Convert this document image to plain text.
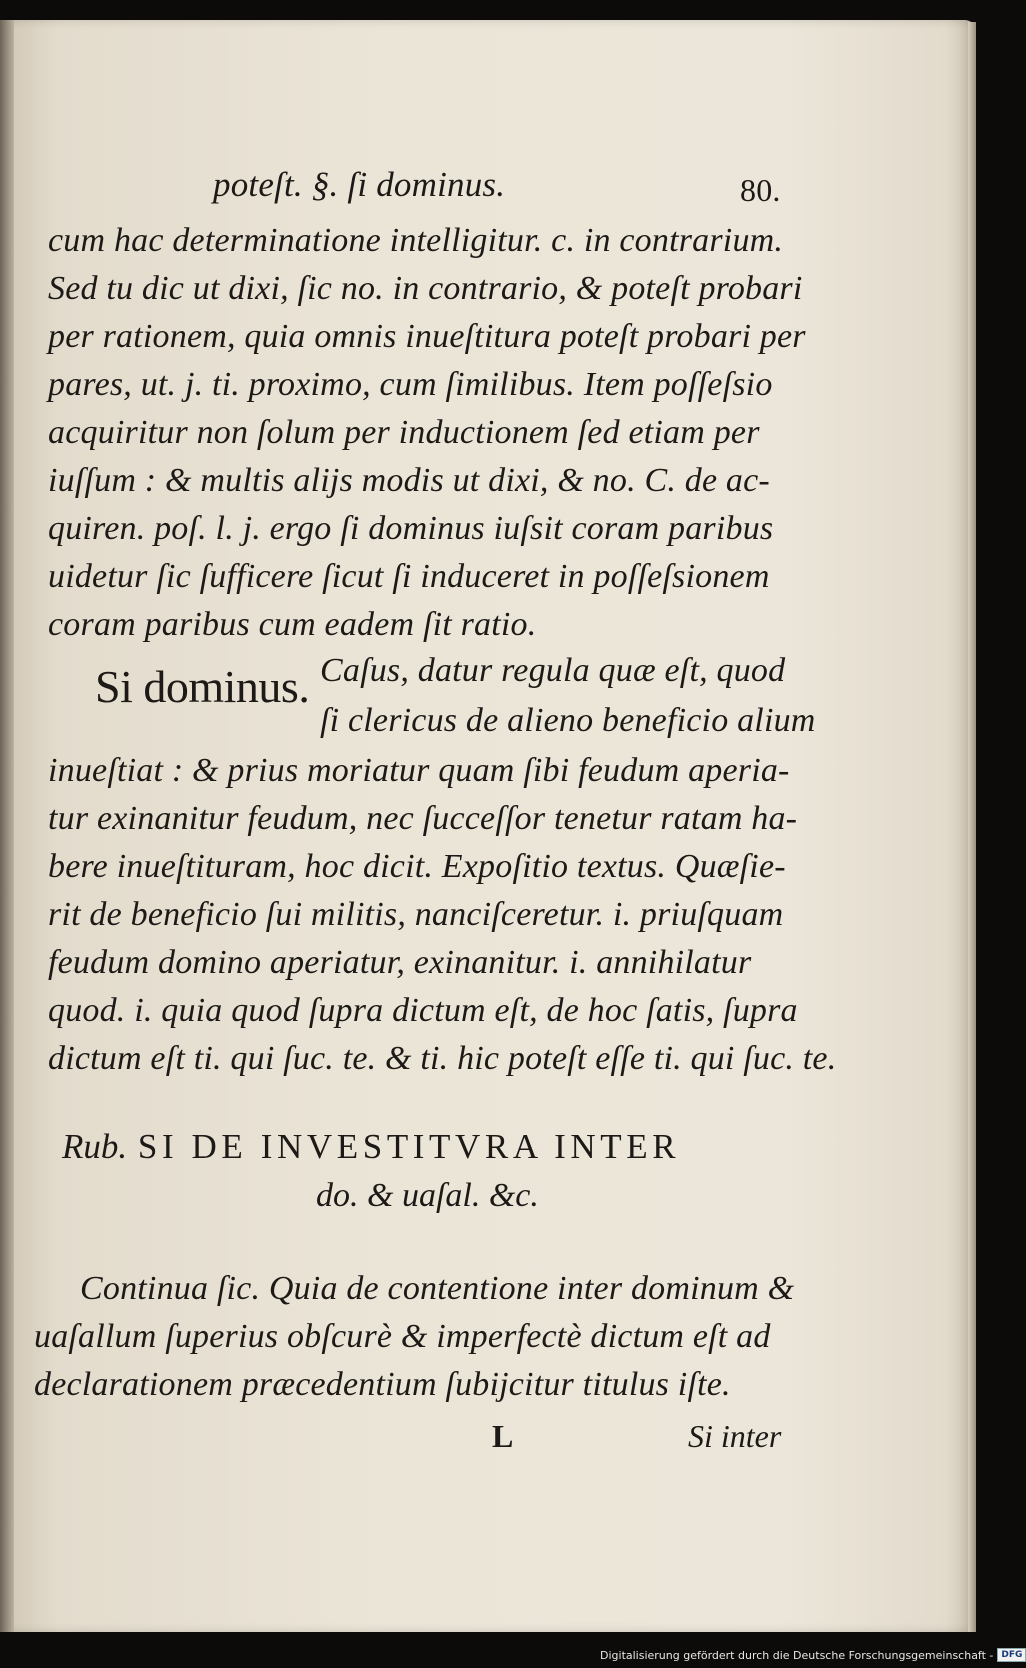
poteſt. §. ſi dominus.	80.
cum hac determinatione intelligitur. c. in contrarium.
Sed tu dic ut dixi, ſic no. in contrario, & poteſt probari
per rationem, quia omnis inueſtitura poteſt probari per
pares, ut. j. ti. proximo, cum ſimilibus. Item poſſeſsio
acquiritur non ſolum per inductionem ſed etiam per
iuſſum : & multis alijs modis ut dixi, & no. C. de ac-
quiren. poſ. l. j. ergo ſi dominus iuſsit coram paribus
uidetur ſic ſufficere ſicut ſi induceret in poſſeſsionem
coram paribus cum eadem ſit ratio.
Si dominus. Caſus, datur regula quæ eſt, quod
ſi clericus de alieno beneficio alium
inueſtiat : & prius moriatur quam ſibi feudum aperia-
tur exinanitur feudum, nec ſucceſſor tenetur ratam ha-
bere inueſtituram, hoc dicit. Expoſitio textus. Quæſie-
rit de beneficio ſui militis, nanciſceretur. i. priuſquam
feudum domino aperiatur, exinanitur. i. annihilatur
quod. i. quia quod ſupra dictum eſt, de hoc ſatis, ſupra
dictum eſt ti. qui ſuc. te. & ti. hic poteſt eſſe ti. qui ſuc. te.
Rub. SI DE INVESTITVRA INTER
do. & uaſal. &c.
Continua ſic. Quia de contentione inter dominum &
uaſallum ſuperius obſcurè & imperfectè dictum eſt ad
declarationem præcedentium ſubijcitur titulus iſte.
L	Si inter
Digitalisierung gefördert durch die Deutsche Forschungsgemeinschaft - DFG
